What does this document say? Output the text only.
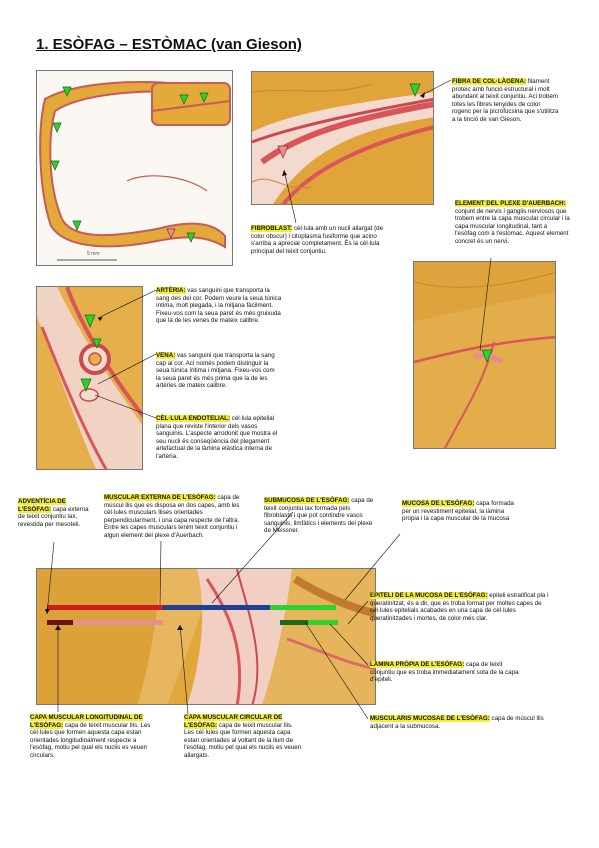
1. ESÒFAG – ESTÒMAC (van Gieson)
5 mm
FIBRA DE COL·LÀGENA: filament proteic amb funció estructural i molt abundant al teixit conjuntiu. Aci trobem totes les fibres tenyides de color rogenc per la picrofucsina que s'utilitza a la tinció de van Gieson.
FIBROBLAST: cèl·lula amb un nucli allargat (de color obscur) i citoplasma fusiforme que acino s'arriba a apreciar completament. És la cèl·lula principal del teixit conjuntiu.
ELEMENT DEL PLEXE D'AUERBACH: conjunt de nervis i ganglis nerviosos que trobem entre la capa muscular circular i la capa muscular longitudinal, tant a l'esòfag com a l'estòmac. Aquest element concret és un nervi.
ARTÈRIA: vas sanguini que transporta la sang des del cor. Podem veure la seua túnica íntima, molt plegada, i la mitjana fàcilment. Fixeu-vos com la seua paret és més gruixuda que la de les venes de mateix calibre.
VENA: vas sanguini que transporta la sang cap al cor. Ací només podem distinguir la seua túnica íntima i mitjana. Fixeu-vos com la seua paret és més prima que la de les artèries de mateix calibre.
CÈL·LULA ENDOTELIAL: cèl·lula epitelial plana que reviste l'interior dels vasos sanguinis. L'aspecte arrodonit que mostra el seu nucli és conseqüència del plegament artefactual de la làmina elàstica interna de l'artèria.
ADVENTÍCIA DE L'ESÒFAG: capa externa de teixit conjuntiu lax, revestida per mesoteli.
MUSCULAR EXTERNA DE L'ESÒFAG: capa de múscul llis que es disposa en dos capes, amb les cèl·lules musculars llises orientades perpendicularment, i una capa respecte de l'altra. Entre les capes musculars tenim teixit conjuntiu i algun element del plexe d'Auerbach.
SUBMUCOSA DE L'ESÒFAG: capa de teixit conjuntiu lax formada pels fibroblasts i que pot contindre vasos sanguinis, limfàtics i elements del plexe de Meissner.
MUCOSA DE L'ESÒFAG: capa formada per un revestiment epitelial, la làmina propia i la capa muscular de la mucosa
EPITELI DE LA MUCOSA DE L'ESÒFAG: epiteli estratificat pla i queratinitzat, és a dir, que es troba format per moltes capes de cèl·lules epitelials acabades en una capa de cèl·lules queratinitzades i mortes, de color més clar.
LÀMINA PRÒPIA DE L'ESÒFAG: capa de teixit conjuntiu que es troba immediatament sota de la capa d'epiteli.
MUSCULARIS MUCOSAE DE L'ESÒFAG: capa de múscul llis adjacent a la submucosa.
CAPA MUSCULAR LONGITUDINAL DE L'ESÒFAG: capa de teixit muscular llis. Les cèl·lules que formen aquesta capa estan orientades longitudinalment respecte a l'esòfag, motiu pel qual els nuclis es veuen circulars.
CAPA MUSCULAR CIRCULAR DE L'ESÒFAG: capa de teixit muscular llis. Les cèl·lules que formen aquesta capa estan orientades al voltant de la llum de l'esòfag, motiu pel qual els nuclis es veuen allargats.
